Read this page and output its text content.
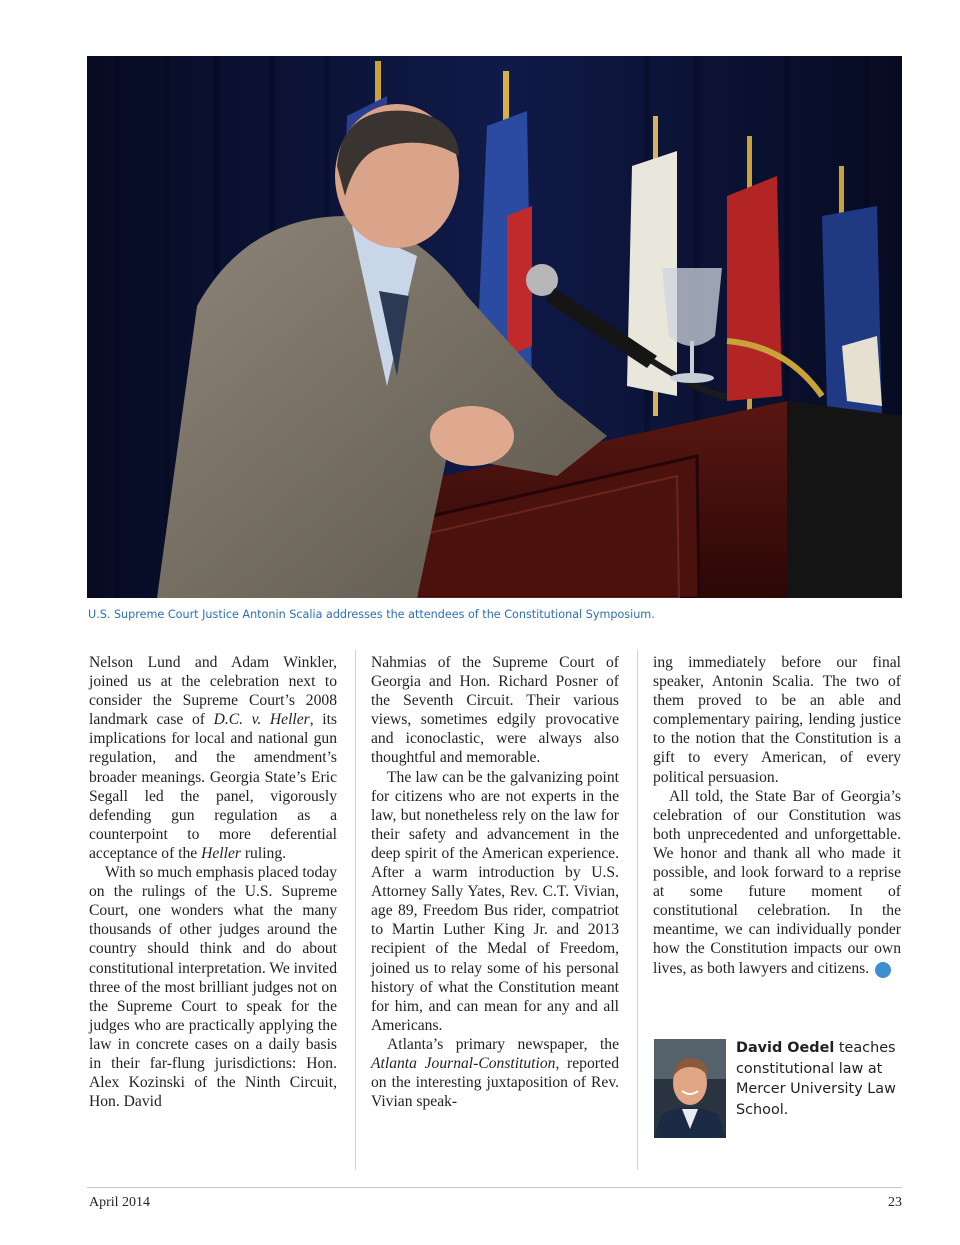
U.S. Supreme Court Justice Antonin Scalia addresses the attendees of the Constitutional Symposium.

Nelson Lund and Adam Winkler, joined us at the celebration next to consider the Supreme Court’s 2008 landmark case of D.C. v. Heller, its implications for local and national gun regulation, and the amendment’s broader meanings. Georgia State’s Eric Segall led the panel, vigorously defending gun regulation as a counterpoint to more deferential acceptance of the Heller ruling.

With so much emphasis placed today on the rulings of the U.S. Supreme Court, one wonders what the many thousands of other judges around the country should think and do about constitutional interpretation. We invited three of the most brilliant judges not on the Supreme Court to speak for the judges who are practically applying the law in concrete cases on a daily basis in their far-flung jurisdictions: Hon. Alex Kozinski of the Ninth Circuit, Hon. David

Nahmias of the Supreme Court of Georgia and Hon. Richard Posner of the Seventh Circuit. Their various views, sometimes edgily provocative and iconoclastic, were always also thoughtful and memorable.

The law can be the galvanizing point for citizens who are not experts in the law, but nonetheless rely on the law for their safety and advancement in the deep spirit of the American experience. After a warm introduction by U.S. Attorney Sally Yates, Rev. C.T. Vivian, age 89, Freedom Bus rider, compatriot to Martin Luther King Jr. and 2013 recipient of the Medal of Freedom, joined us to relay some of his personal history of what the Constitution meant for him, and can mean for any and all Americans.

Atlanta’s primary newspaper, the Atlanta Journal-Constitution, reported on the interesting juxtaposition of Rev. Vivian speak-

ing immediately before our final speaker, Antonin Scalia. The two of them proved to be an able and complementary pairing, lending justice to the notion that the Constitution is a gift to every American, of every political persuasion.

All told, the State Bar of Georgia’s celebration of our Constitution was both unprecedented and unforgettable. We honor and thank all who made it possible, and look forward to a reprise at some future moment of constitutional celebration. In the meantime, we can individually ponder how the Constitution impacts our own lives, as both lawyers and citizens.	GBJ

David Oedel teaches constitutional law at Mercer University Law School.
April 2014	23
